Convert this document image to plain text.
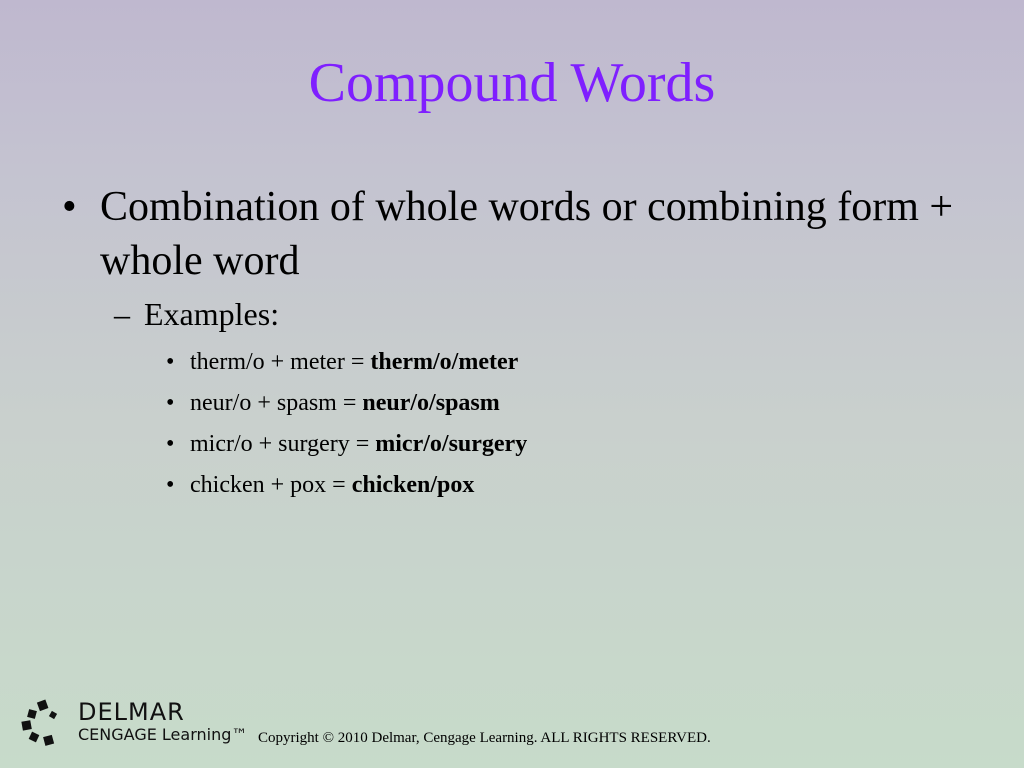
Compound Words
• Combination of whole words or combining form + whole word
– Examples:
• therm/o + meter = therm/o/meter
• neur/o + spasm = neur/o/spasm
• micr/o + surgery = micr/o/surgery
• chicken + pox = chicken/pox
DELMAR
CENGAGE Learning™ Copyright © 2010 Delmar, Cengage Learning. ALL RIGHTS RESERVED.
